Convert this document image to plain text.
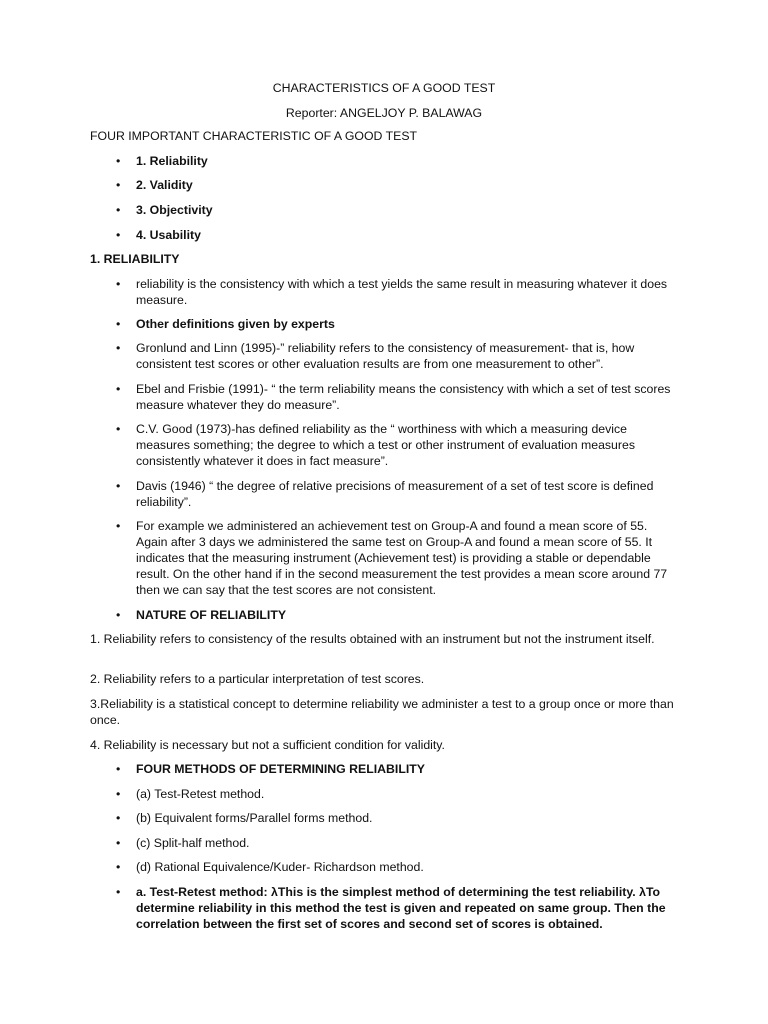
CHARACTERISTICS OF A GOOD TEST
Reporter: ANGELJOY P. BALAWAG
FOUR IMPORTANT CHARACTERISTIC OF A GOOD TEST
• 1. Reliability
• 2. Validity
• 3. Objectivity
• 4. Usability
1. RELIABILITY
• reliability is the consistency with which a test yields the same result in measuring whatever it does measure.
• Other definitions given by experts
• Gronlund and Linn (1995)-” reliability refers to the consistency of measurement- that is, how consistent test scores or other evaluation results are from one measurement to other”.
• Ebel and Frisbie (1991)- “ the term reliability means the consistency with which a set of test scores measure whatever they do measure”.
• C.V. Good (1973)-has defined reliability as the “ worthiness with which a measuring device measures something; the degree to which a test or other instrument of evaluation measures consistently whatever it does in fact measure”.
• Davis (1946) “ the degree of relative precisions of measurement of a set of test score is defined reliability”.
• For example we administered an achievement test on Group-A and found a mean score of 55. Again after 3 days we administered the same test on Group-A and found a mean score of 55. It indicates that the measuring instrument (Achievement test) is providing a stable or dependable result. On the other hand if in the second measurement the test provides a mean score around 77 then we can say that the test scores are not consistent.
• NATURE OF RELIABILITY
1. Reliability refers to consistency of the results obtained with an instrument but not the instrument itself.
2. Reliability refers to a particular interpretation of test scores.
3.Reliability is a statistical concept to determine reliability we administer a test to a group once or more than once.
4. Reliability is necessary but not a sufficient condition for validity.
• FOUR METHODS OF DETERMINING RELIABILITY
• (a) Test-Retest method.
• (b) Equivalent forms/Parallel forms method.
• (c) Split-half method.
• (d) Rational Equivalence/Kuder- Richardson method.
• a. Test-Retest method: λThis is the simplest method of determining the test reliability. λTo determine reliability in this method the test is given and repeated on same group. Then the correlation between the first set of scores and second set of scores is obtained.
